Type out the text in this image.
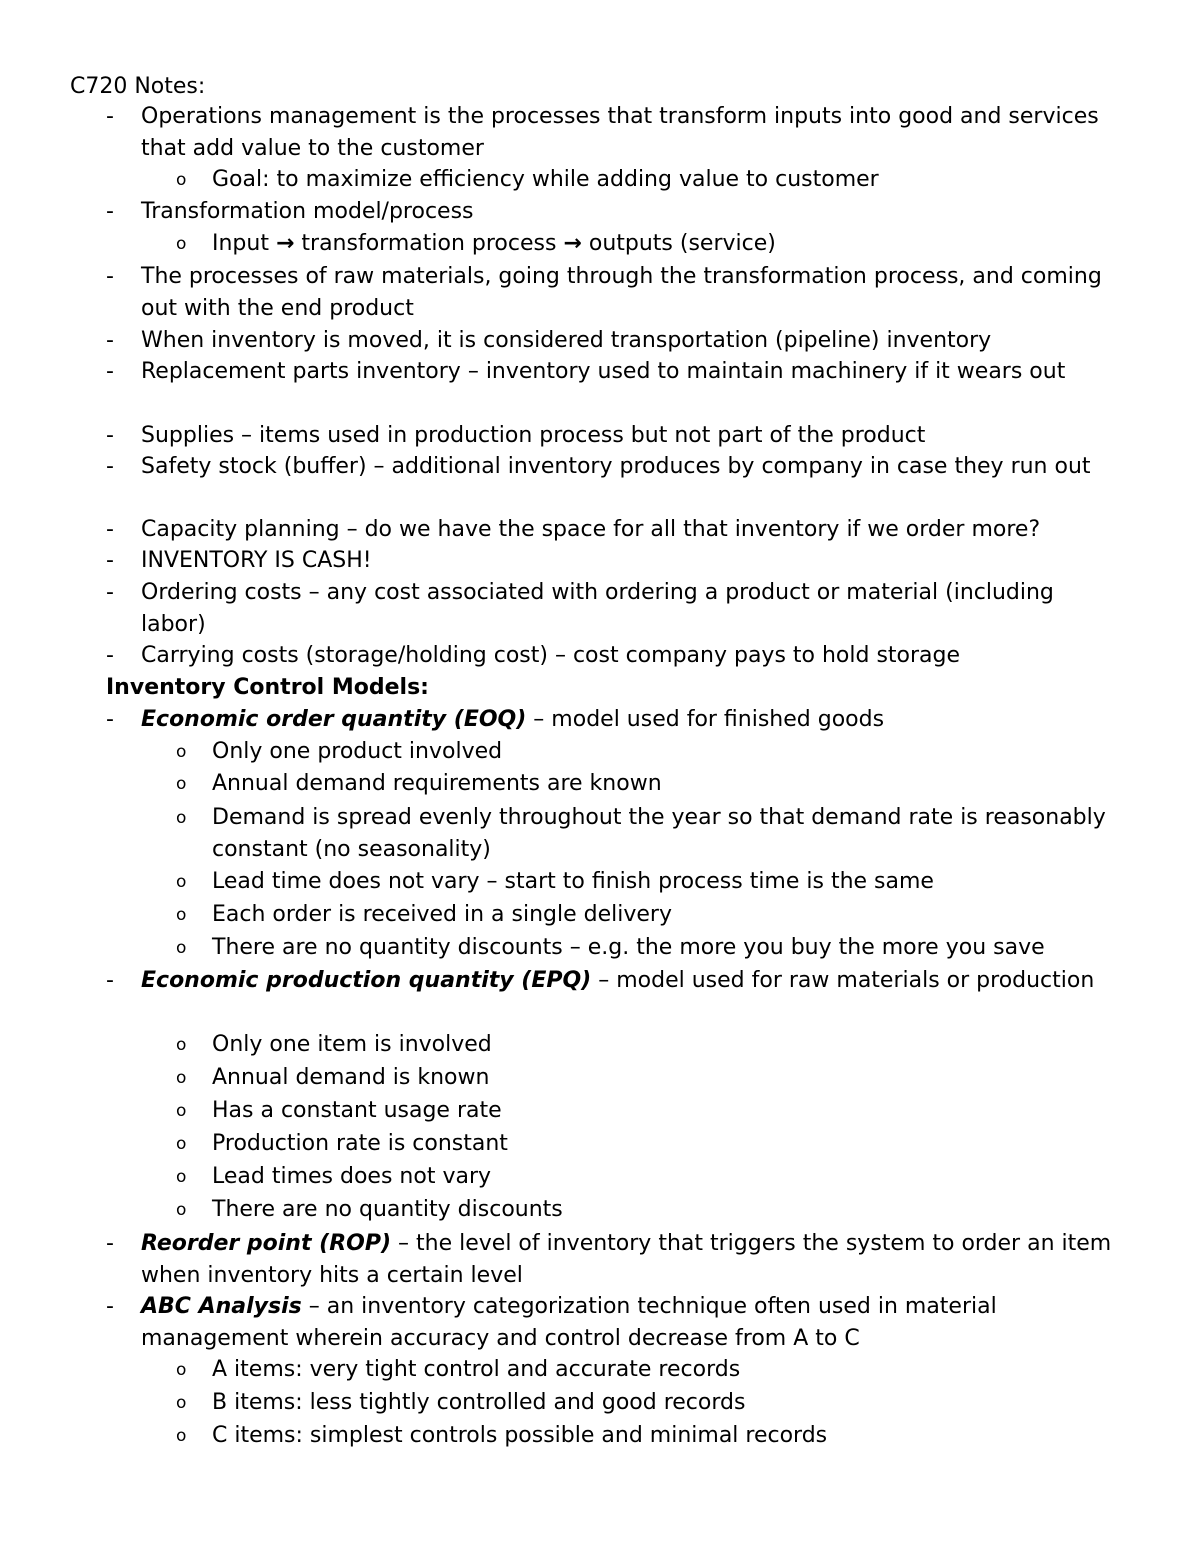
C720 Notes:
- Operations management is the processes that transform inputs into good and services that add value to the customer
o Goal: to maximize efficiency while adding value to customer
- Transformation model/process
o Input → transformation process → outputs (service)
- The processes of raw materials, going through the transformation process, and coming out with the end product
- When inventory is moved, it is considered transportation (pipeline) inventory
- Replacement parts inventory – inventory used to maintain machinery if it wears out
- Supplies – items used in production process but not part of the product
- Safety stock (buffer) – additional inventory produces by company in case they run out
- Capacity planning – do we have the space for all that inventory if we order more?
- INVENTORY IS CASH!
- Ordering costs – any cost associated with ordering a product or material (including labor)
- Carrying costs (storage/holding cost) – cost company pays to hold storage
Inventory Control Models:
- Economic order quantity (EOQ) – model used for finished goods
o Only one product involved
o Annual demand requirements are known
o Demand is spread evenly throughout the year so that demand rate is reasonably constant (no seasonality)
o Lead time does not vary – start to finish process time is the same
o Each order is received in a single delivery
o There are no quantity discounts – e.g. the more you buy the more you save
- Economic production quantity (EPQ) – model used for raw materials or production
o Only one item is involved
o Annual demand is known
o Has a constant usage rate
o Production rate is constant
o Lead times does not vary
o There are no quantity discounts
- Reorder point (ROP) – the level of inventory that triggers the system to order an item when inventory hits a certain level
- ABC Analysis – an inventory categorization technique often used in material management wherein accuracy and control decrease from A to C
o A items: very tight control and accurate records
o B items: less tightly controlled and good records
o C items: simplest controls possible and minimal records
